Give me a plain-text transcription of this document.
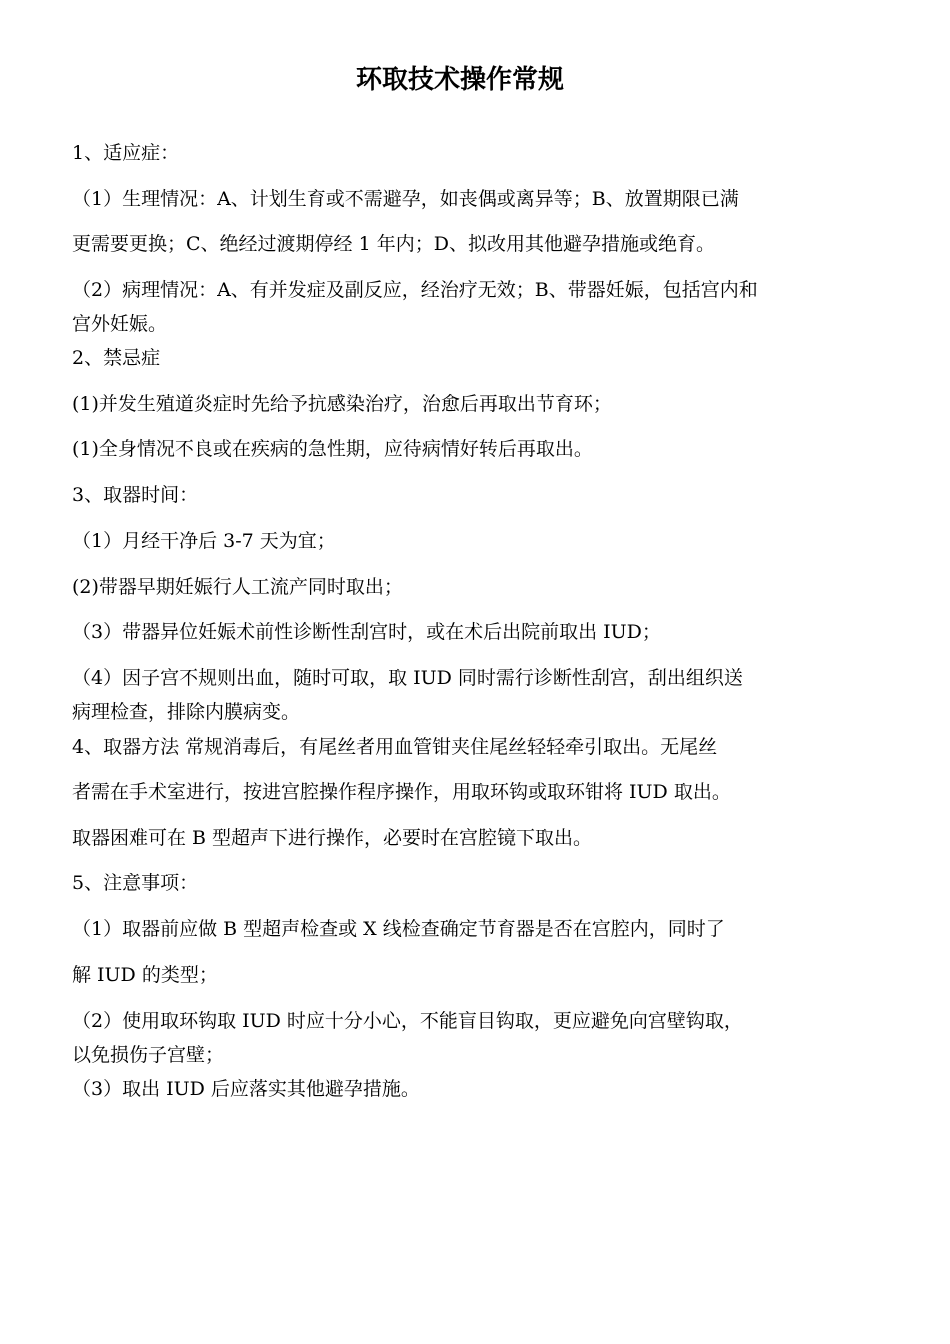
环取技术操作常规
1、适应症：
（1）生理情况：A、计划生育或不需避孕，如丧偶或离异等；B、放置期限已满
更需要更换；C、绝经过渡期停经 1 年内；D、拟改用其他避孕措施或绝育。
（2）病理情况：A、有并发症及副反应，经治疗无效；B、带器妊娠，包括宫内和
宫外妊娠。
2、禁忌症
(1)并发生殖道炎症时先给予抗感染治疗，治愈后再取出节育环；
(1)全身情况不良或在疾病的急性期，应待病情好转后再取出。
3、取器时间：
（1）月经干净后 3-7 天为宜；
(2)带器早期妊娠行人工流产同时取出；
（3）带器异位妊娠术前性诊断性刮宫时，或在术后出院前取出 IUD；
（4）因子宫不规则出血，随时可取，取 IUD 同时需行诊断性刮宫，刮出组织送
病理检查，排除内膜病变。
4、取器方法 常规消毒后，有尾丝者用血管钳夹住尾丝轻轻牵引取出。无尾丝
者需在手术室进行，按进宫腔操作程序操作，用取环钩或取环钳将 IUD 取出。
取器困难可在 B 型超声下进行操作，必要时在宫腔镜下取出。
5、注意事项：
（1）取器前应做 B 型超声检查或 X 线检查确定节育器是否在宫腔内，同时了
解 IUD 的类型；
（2）使用取环钩取 IUD 时应十分小心，不能盲目钩取，更应避免向宫壁钩取，
以免损伤子宫壁；
（3）取出 IUD 后应落实其他避孕措施。
